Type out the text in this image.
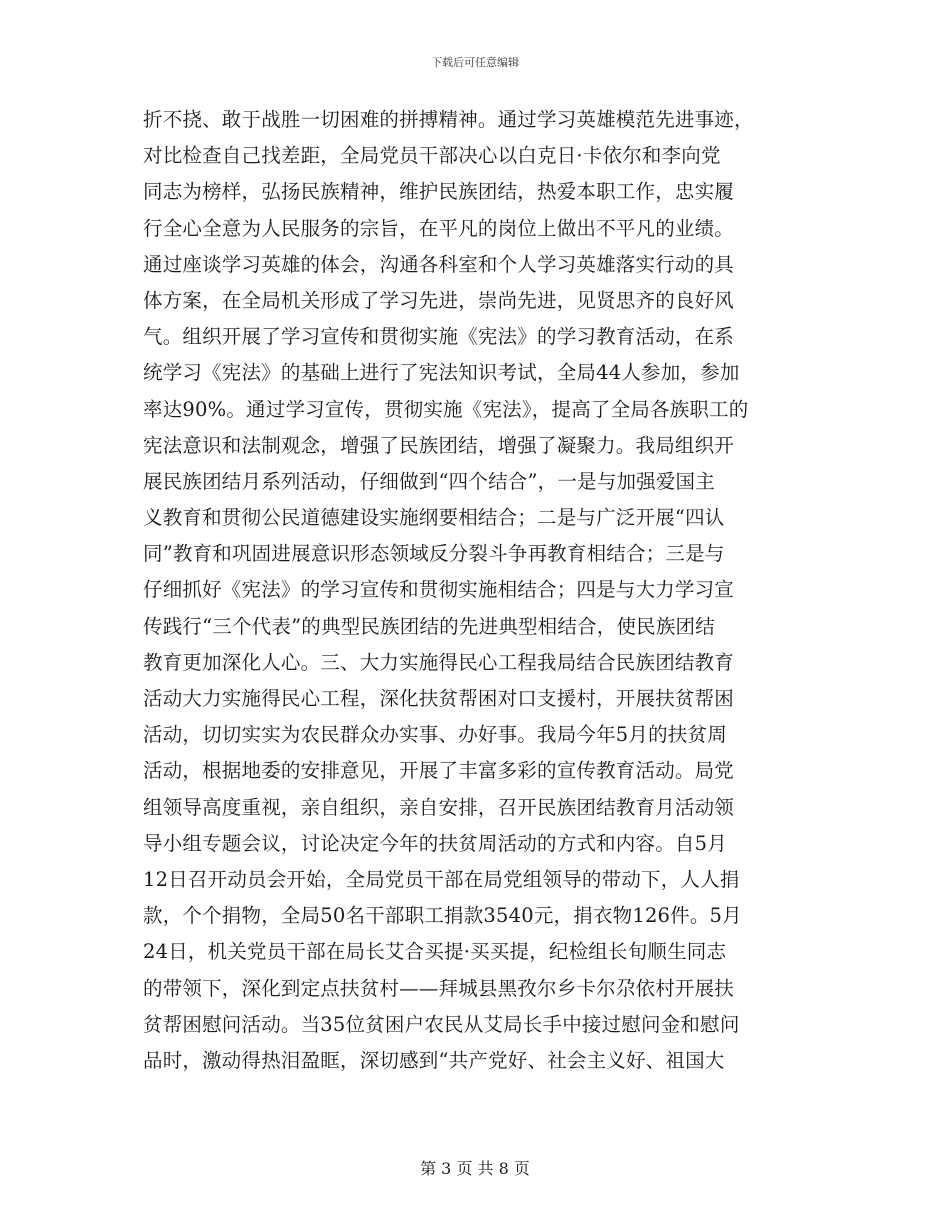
下载后可任意编辑
折不挠、敢于战胜一切困难的拼搏精神。通过学习英雄模范先进事迹，
对比检查自己找差距，全局党员干部决心以白克日·卡依尔和李向党
同志为榜样，弘扬民族精神，维护民族团结，热爱本职工作，忠实履
行全心全意为人民服务的宗旨，在平凡的岗位上做出不平凡的业绩。
通过座谈学习英雄的体会，沟通各科室和个人学习英雄落实行动的具
体方案，在全局机关形成了学习先进，崇尚先进，见贤思齐的良好风
气。组织开展了学习宣传和贯彻实施《宪法》的学习教育活动，在系
统学习《宪法》的基础上进行了宪法知识考试，全局44人参加，参加
率达90%。通过学习宣传，贯彻实施《宪法》，提高了全局各族职工的
宪法意识和法制观念，增强了民族团结，增强了凝聚力。我局组织开
展民族团结月系列活动，仔细做到“四个结合”，一是与加强爱国主
义教育和贯彻公民道德建设实施纲要相结合；二是与广泛开展“四认
同”教育和巩固进展意识形态领域反分裂斗争再教育相结合；三是与
仔细抓好《宪法》的学习宣传和贯彻实施相结合；四是与大力学习宣
传践行“三个代表”的典型民族团结的先进典型相结合，使民族团结
教育更加深化人心。三、大力实施得民心工程我局结合民族团结教育
活动大力实施得民心工程，深化扶贫帮困对口支援村，开展扶贫帮困
活动，切切实实为农民群众办实事、办好事。我局今年5月的扶贫周
活动，根据地委的安排意见，开展了丰富多彩的宣传教育活动。局党
组领导高度重视，亲自组织，亲自安排，召开民族团结教育月活动领
导小组专题会议，讨论决定今年的扶贫周活动的方式和内容。自5月
12日召开动员会开始，全局党员干部在局党组领导的带动下，人人捐
款，个个捐物，全局50名干部职工捐款3540元，捐衣物126件。5月
24日，机关党员干部在局长艾合买提·买买提，纪检组长旬顺生同志
的带领下，深化到定点扶贫村——拜城县黑孜尔乡卡尔尕依村开展扶
贫帮困慰问活动。当35位贫困户农民从艾局长手中接过慰问金和慰问
品时，激动得热泪盈眶，深切感到“共产党好、社会主义好、祖国大
第 3 页 共 8 页
